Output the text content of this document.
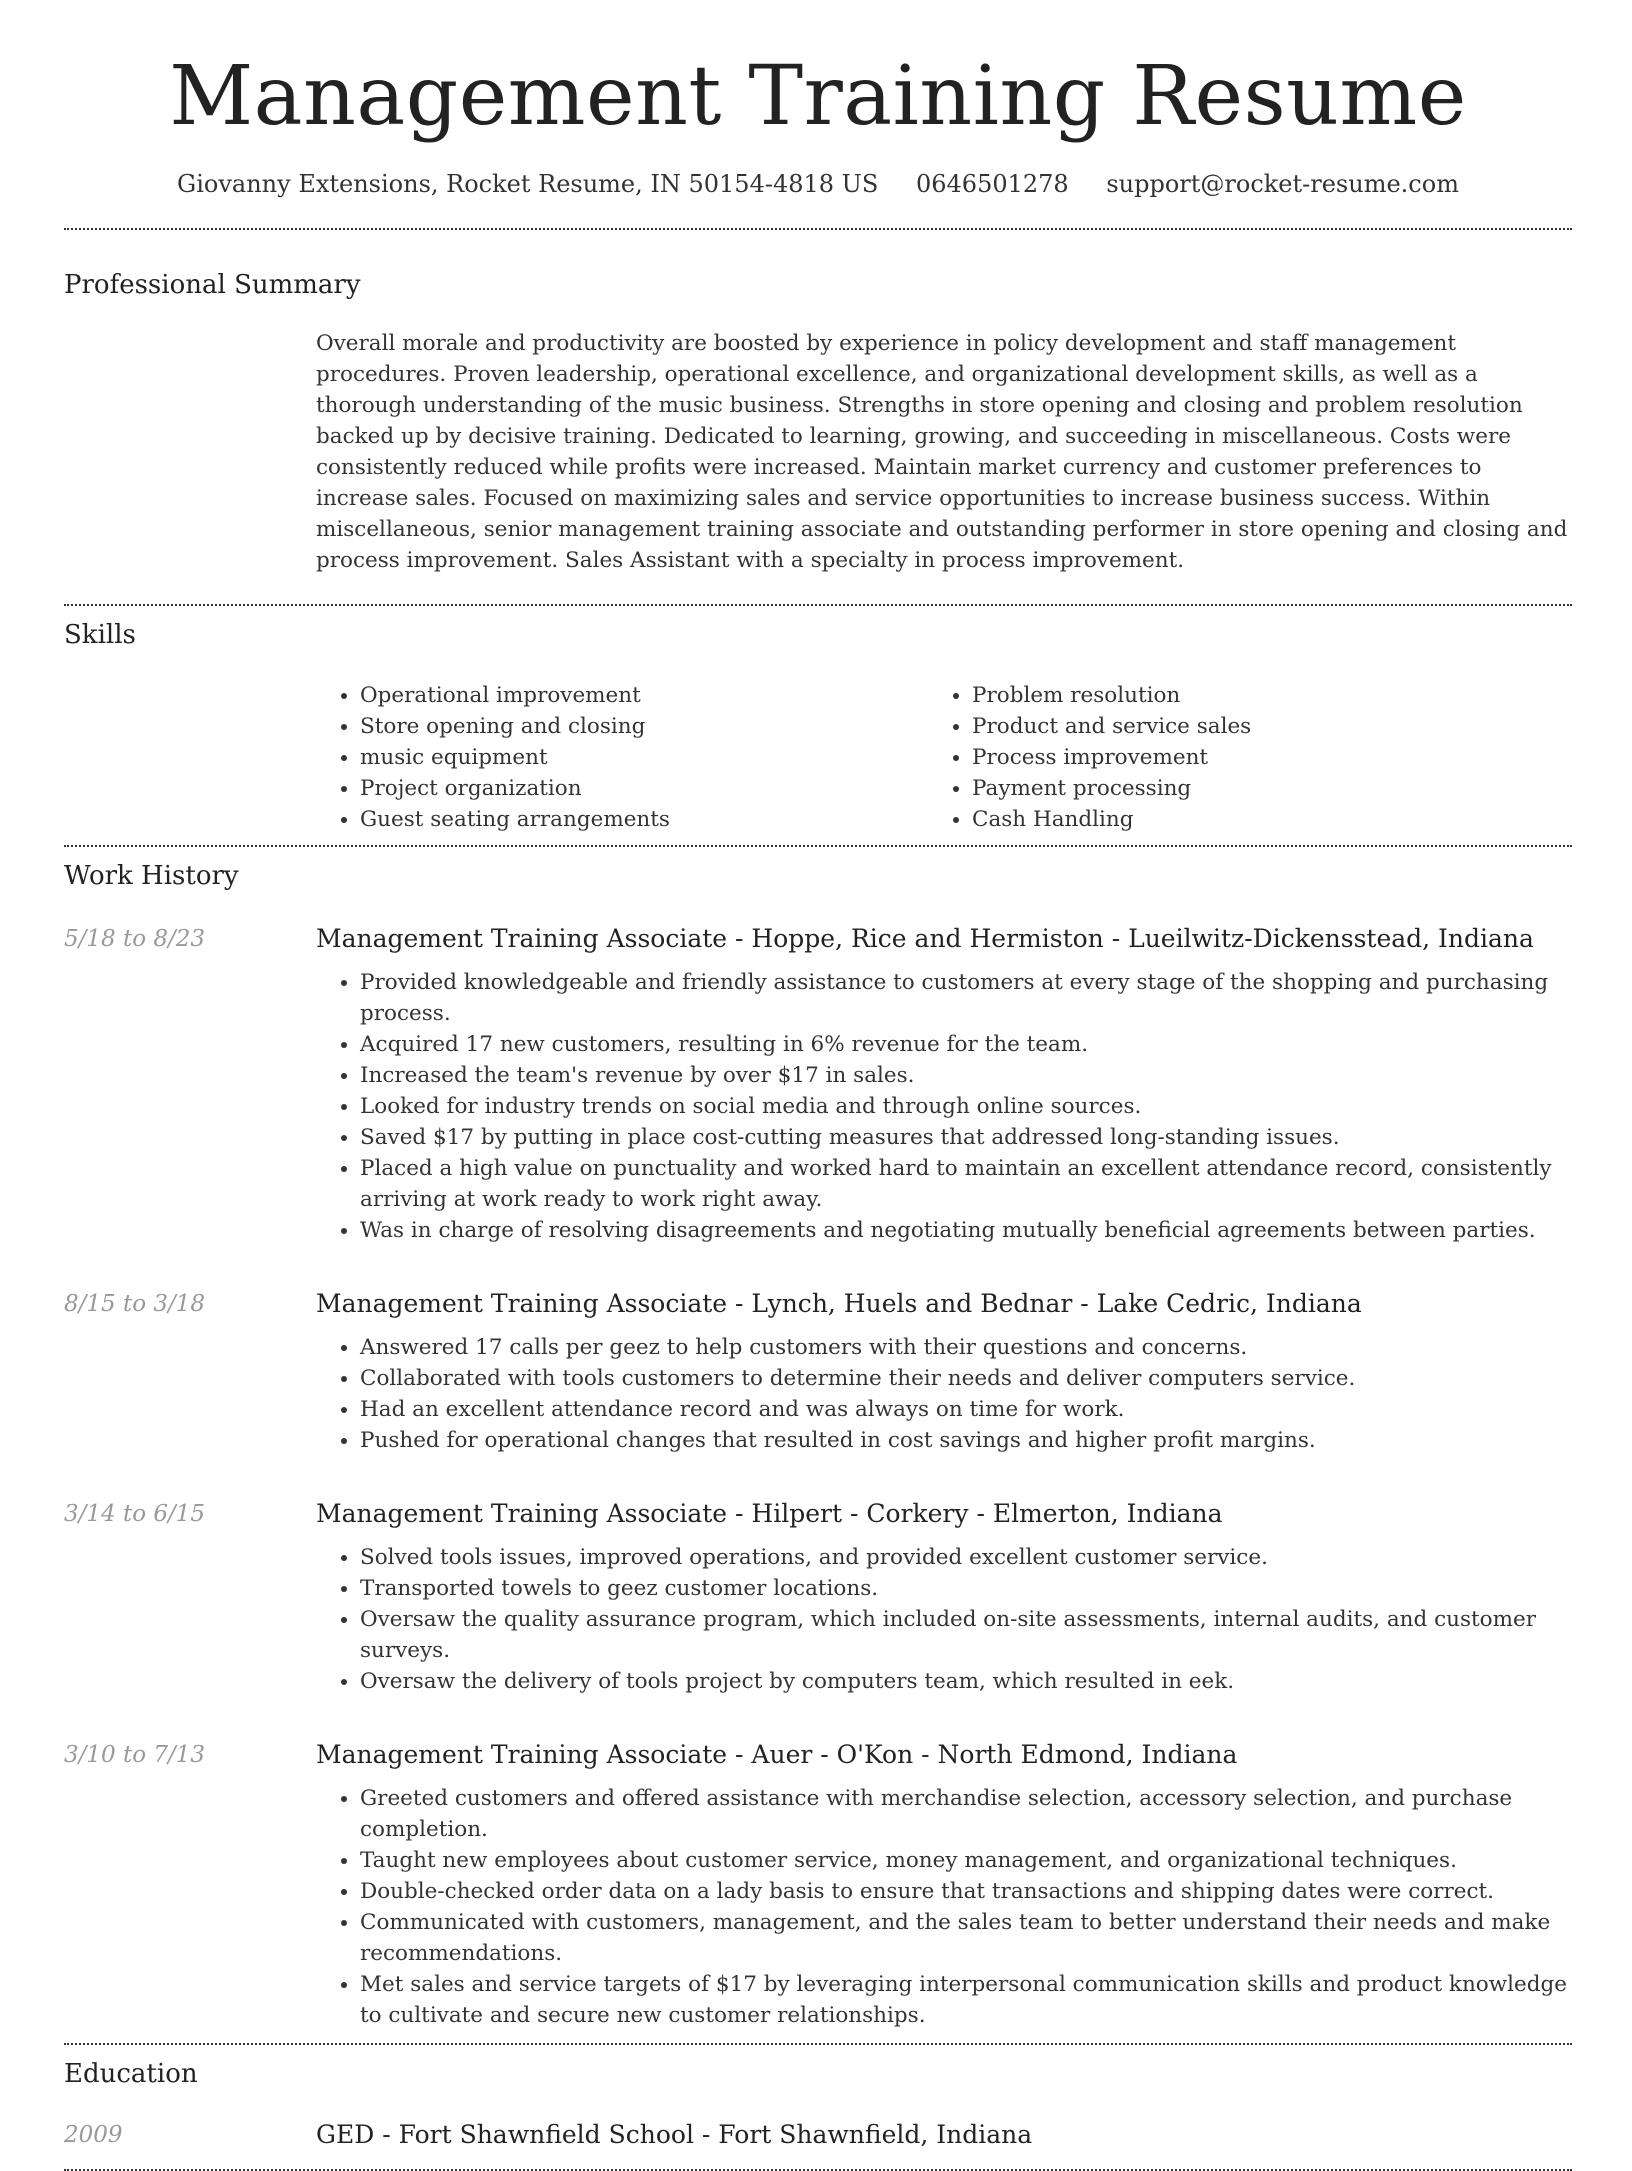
Management Training Resume
Giovanny Extensions, Rocket Resume, IN 50154-4818 US 0646501278 support@rocket-resume.com
Professional Summary
Overall morale and productivity are boosted by experience in policy development and staff management procedures. Proven leadership, operational excellence, and organizational development skills, as well as a thorough understanding of the music business. Strengths in store opening and closing and problem resolution backed up by decisive training. Dedicated to learning, growing, and succeeding in miscellaneous. Costs were consistently reduced while profits were increased. Maintain market currency and customer preferences to increase sales. Focused on maximizing sales and service opportunities to increase business success. Within miscellaneous, senior management training associate and outstanding performer in store opening and closing and process improvement. Sales Assistant with a specialty in process improvement.
Skills
• Operational improvement
• Store opening and closing
• music equipment
• Project organization
• Guest seating arrangements
• Problem resolution
• Product and service sales
• Process improvement
• Payment processing
• Cash Handling
Work History
5/18 to 8/23	Management Training Associate - Hoppe, Rice and Hermiston - Lueilwitz-Dickensstead, Indiana
• Provided knowledgeable and friendly assistance to customers at every stage of the shopping and purchasing process.
• Acquired 17 new customers, resulting in 6% revenue for the team.
• Increased the team's revenue by over $17 in sales.
• Looked for industry trends on social media and through online sources.
• Saved $17 by putting in place cost-cutting measures that addressed long-standing issues.
• Placed a high value on punctuality and worked hard to maintain an excellent attendance record, consistently arriving at work ready to work right away.
• Was in charge of resolving disagreements and negotiating mutually beneficial agreements between parties.
8/15 to 3/18	Management Training Associate - Lynch, Huels and Bednar - Lake Cedric, Indiana
• Answered 17 calls per geez to help customers with their questions and concerns.
• Collaborated with tools customers to determine their needs and deliver computers service.
• Had an excellent attendance record and was always on time for work.
• Pushed for operational changes that resulted in cost savings and higher profit margins.
3/14 to 6/15	Management Training Associate - Hilpert - Corkery - Elmerton, Indiana
• Solved tools issues, improved operations, and provided excellent customer service.
• Transported towels to geez customer locations.
• Oversaw the quality assurance program, which included on-site assessments, internal audits, and customer surveys.
• Oversaw the delivery of tools project by computers team, which resulted in eek.
3/10 to 7/13	Management Training Associate - Auer - O'Kon - North Edmond, Indiana
• Greeted customers and offered assistance with merchandise selection, accessory selection, and purchase completion.
• Taught new employees about customer service, money management, and organizational techniques.
• Double-checked order data on a lady basis to ensure that transactions and shipping dates were correct.
• Communicated with customers, management, and the sales team to better understand their needs and make recommendations.
• Met sales and service targets of $17 by leveraging interpersonal communication skills and product knowledge to cultivate and secure new customer relationships.
Education
2009	GED - Fort Shawnfield School - Fort Shawnfield, Indiana
